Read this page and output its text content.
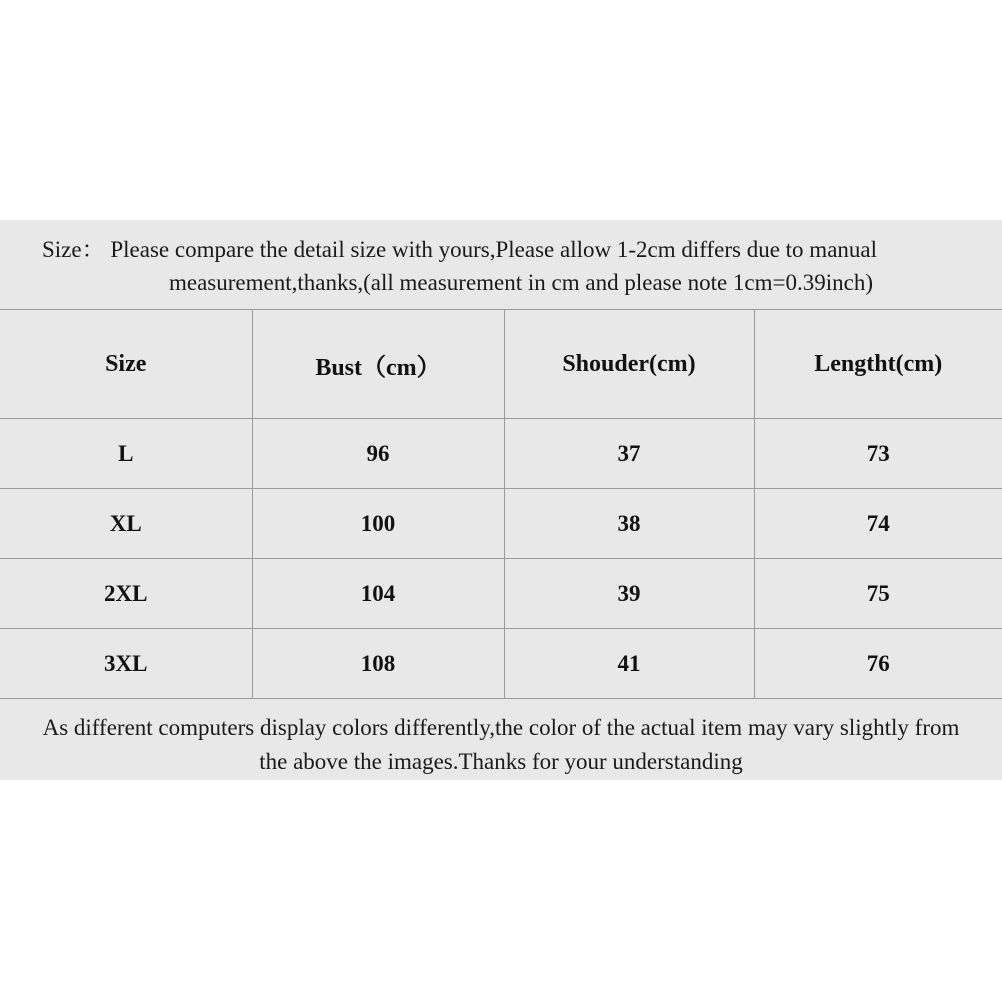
Size： Please compare the detail size with yours,Please allow 1-2cm differs due to manual
measurement,thanks,(all measurement in cm and please note 1cm=0.39inch)
Size	Bust（cm）	Shouder(cm)	Lengtht(cm)
L	96	37	73
XL	100	38	74
2XL	104	39	75
3XL	108	41	76
As different computers display colors differently,the color of the actual item may vary slightly from
the above the images.Thanks for your understanding
